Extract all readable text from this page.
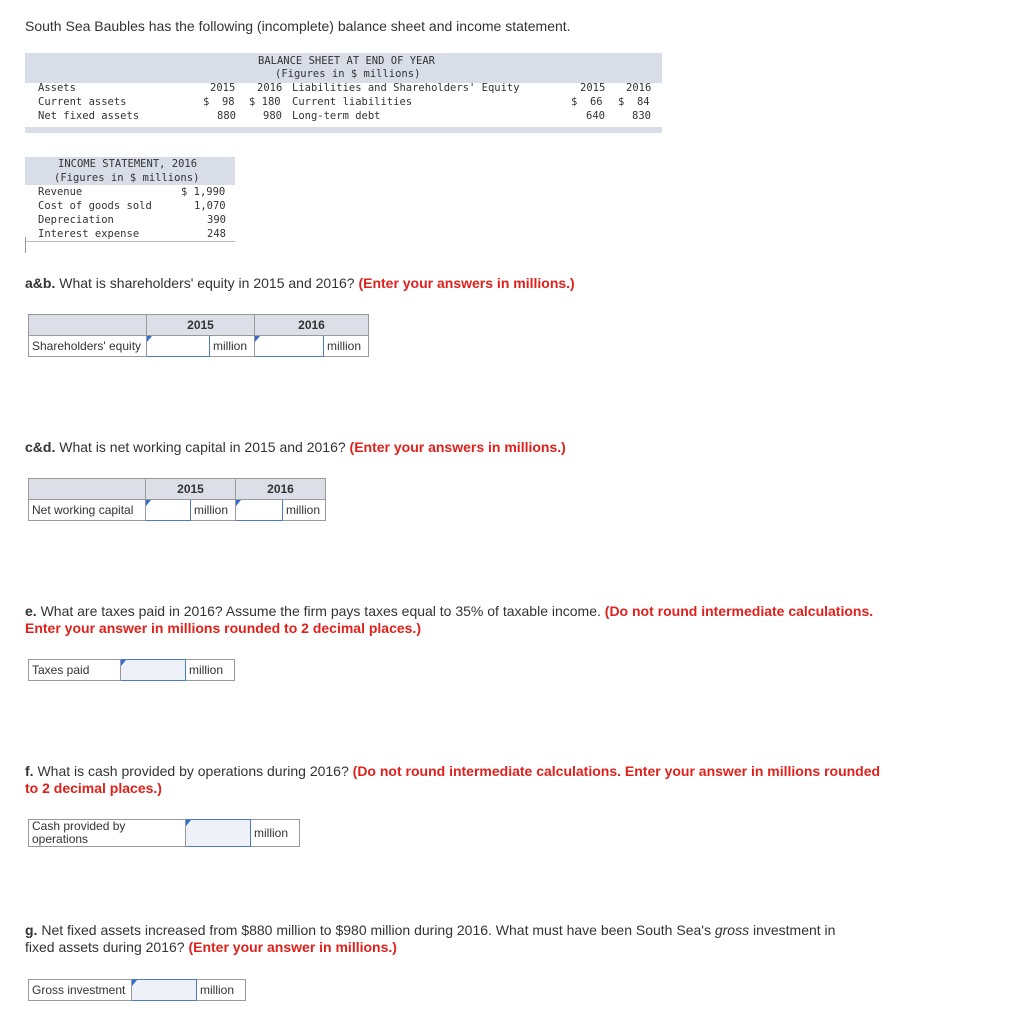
South Sea Baubles has the following (incomplete) balance sheet and income statement.
BALANCE SHEET AT END OF YEAR
(Figures in $ millions)
Assets	2015 2016 Liabilities and Shareholders' Equity	2015 2016
Current assets	$  98 $ 180 Current liabilities	$  66 $  84
Net fixed assets	880	980 Long-term debt	640	830
INCOME STATEMENT, 2016
(Figures in $ millions)
Revenue	$ 1,990
Cost of goods sold	1,070
Depreciation	390
Interest expense	248
a&b. What is shareholders' equity in 2015 and 2016? (Enter your answers in millions.)
	2015		2016	
Shareholders' equity		million		million
c&d. What is net working capital in 2015 and 2016? (Enter your answers in millions.)
	2015		2016	
Net working capital		million		million
e. What are taxes paid in 2016? Assume the firm pays taxes equal to 35% of taxable income. (Do not round intermediate calculations.
Enter your answer in millions rounded to 2 decimal places.)
Taxes paid		million
f. What is cash provided by operations during 2016? (Do not round intermediate calculations. Enter your answer in millions rounded
to 2 decimal places.)
Cash provided by
operations		million
g. Net fixed assets increased from $880 million to $980 million during 2016. What must have been South Sea's gross investment in
fixed assets during 2016? (Enter your answer in millions.)
Gross investment		million
